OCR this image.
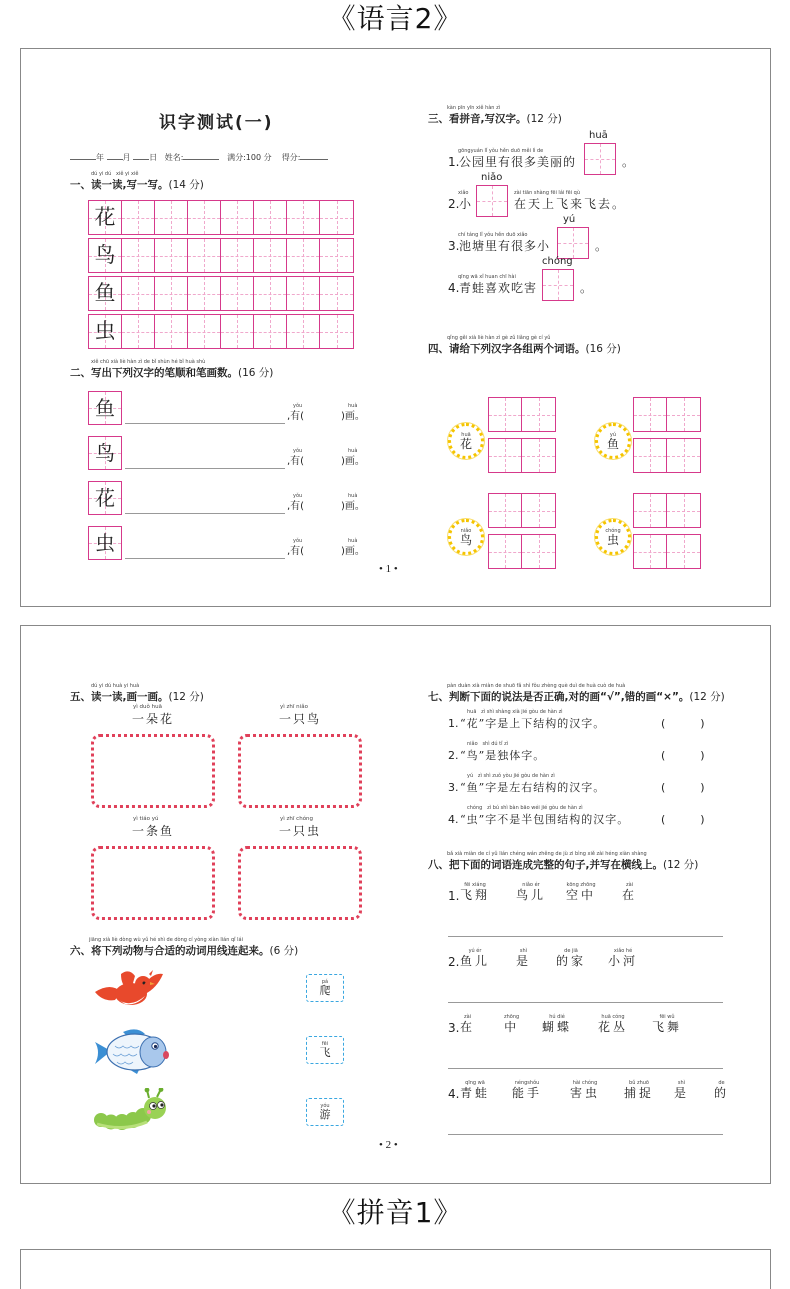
《语言2》
识字测试(一)
年 月 日 姓名:	满分:100 分 得分:
dú yi dú xiě yi xiě
一、读一读,写一写。(14 分)
花
鸟
鱼
虫
xiě chū xià liè hàn zì de bǐ shùn hé bǐ huà shù
二、写出下列汉字的笔顺和笔画数。(16 分)
鱼	yǒu
,有(
huà
)画。
鸟	yǒu
,有(
huà
)画。
花	yǒu
,有(
huà
)画。
虫	yǒu
,有(
huà
)画。
kàn pīn yīn xiě hàn zì
三、看拼音,写汉字。(12 分)
huā
1.
gōngyuán lǐ yǒu hěn duō měi lì de
公园里有很多美丽的	。
niǎo
2.
xiǎo
小
zài tiān shàng fēi lái fēi qù
在天上飞来飞去。
yú
3.
chí táng lǐ yǒu hěn duō xiǎo
池塘里有很多小	。
chóng
4.
qīng wā xǐ huan chī hài
青蛙喜欢吃害	。
qǐng gěi xià liè hàn zì gè zǔ liǎng gè cí yǔ
四、请给下列汉字各组两个词语。(16 分)
huā
花
yú
鱼
niǎo
鸟
chóng
虫
• 1 •
dú yi dú huà yi huà
五、读一读,画一画。(12 分)
yì duǒ huā
一朵花
yì zhī niǎo
一只鸟
yì tiáo yú
一条鱼
yì zhī chóng
一只虫
jiāng xià liè dòng wù yǔ hé shì de dòng cí yòng xiàn lián qǐ lái
六、将下列动物与合适的动词用线连起来。(6 分)
pá
爬
fēi
飞
yóu
游
pàn duàn xià miàn de shuō fǎ shì fǒu zhèng què duì de huà cuò de huà
七、判断下面的说法是否正确,对的画“√”,错的画“×”。(12 分)
huā   zì shì shàng xià jié gòu de hàn zì
1. “花”字是上下结构的汉字。	(      )
niǎo   shì dú tǐ zì
2. “鸟”是独体字。	(      )
yú   zì shì zuǒ yòu jié gòu de hàn zì
3. “鱼”字是左右结构的汉字。	(      )
chóng   zì bú shì bàn bāo wéi jié gòu de hàn zì
4. “虫”字不是半包围结构的汉字。	(      )
bǎ xià miàn de cí yǔ lián chéng wán zhěng de jù zi bìng xiě zài héng xiàn shàng
八、把下面的词语连成完整的句子,并写在横线上。(12 分)
1.
fēi xiáng
飞翔
niǎo ér
鸟儿
kōng zhōng
空中
zài
在
2.
yú ér
鱼儿
shì
是
de jiā
的家
xiǎo hé
小河
3.
zài
在
zhōng
中
hú dié
蝴蝶
huā cóng
花丛
fēi wǔ
飞舞
4.
qīng wā
青蛙
néngshǒu
能手
hài chóng
害虫
bǔ zhuō
捕捉
shì
是
de
的
• 2 •
《拼音1》
